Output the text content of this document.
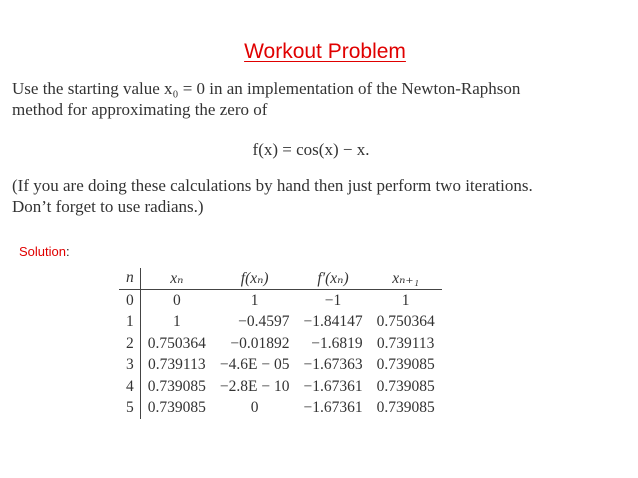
Workout Problem
Use the starting value x₀ = 0 in an implementation of the Newton-Raphson
method for approximating the zero of
f(x) = cos(x) − x.
(If you are doing these calculations by hand then just perform two iterations.
Don’t forget to use radians.)
Solution:
n	xₙ	f(xₙ)	f′(xₙ)	xₙ₊₁
0	0	1	−1	1
1	1	−0.4597	−1.84147	0.750364
2	0.750364	−0.01892	−1.6819	0.739113
3	0.739113	−4.6E − 05	−1.67363	0.739085
4	0.739085	−2.8E − 10	−1.67361	0.739085
5	0.739085	0	−1.67361	0.739085
